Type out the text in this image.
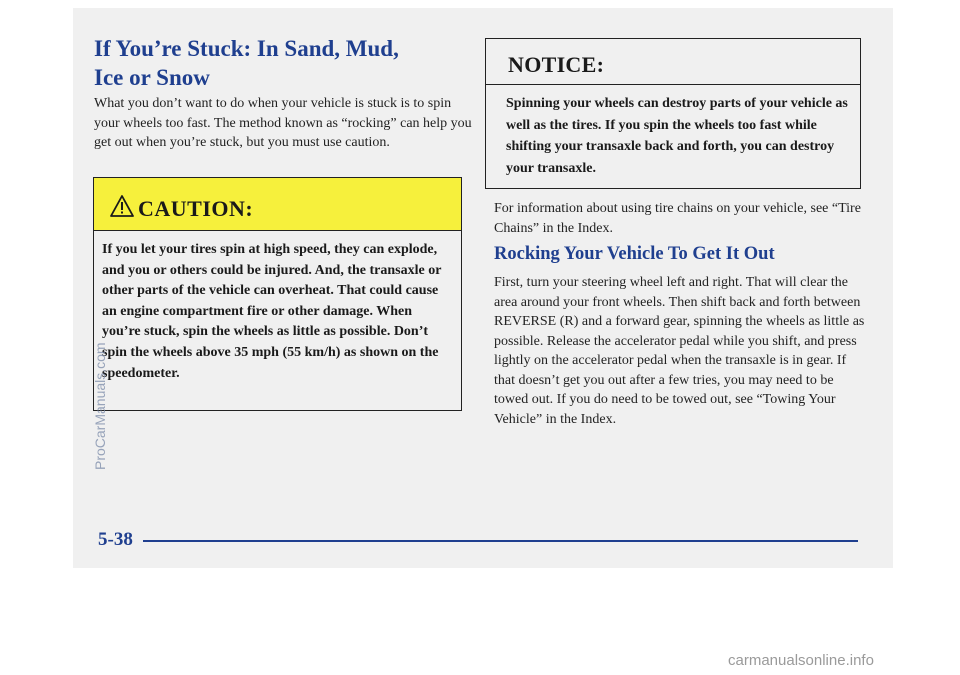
If You’re Stuck: In Sand, Mud,
Ice or Snow

What you don’t want to do when your vehicle is stuck is to spin your wheels too fast. The method known as “rocking” can help you get out when you’re stuck, but you must use caution.

CAUTION:

If you let your tires spin at high speed, they can explode, and you or others could be injured. And, the transaxle or other parts of the vehicle can overheat. That could cause an engine compartment fire or other damage. When you’re stuck, spin the wheels as little as possible. Don’t spin the wheels above 35 mph (55 km/h) as shown on the speedometer.

NOTICE:

Spinning your wheels can destroy parts of your vehicle as well as the tires. If you spin the wheels too fast while shifting your transaxle back and forth, you can destroy your transaxle.

For information about using tire chains on your vehicle, see “Tire Chains” in the Index.

Rocking Your Vehicle To Get It Out

First, turn your steering wheel left and right. That will clear the area around your front wheels. Then shift back and forth between REVERSE (R) and a forward gear, spinning the wheels as little as possible. Release the accelerator pedal while you shift, and press lightly on the accelerator pedal when the transaxle is in gear. If that doesn’t get you out after a few tries, you may need to be towed out. If you do need to be towed out, see “Towing Your Vehicle” in the Index.

5-38
ProCarManuals.com
carmanualsonline.info
